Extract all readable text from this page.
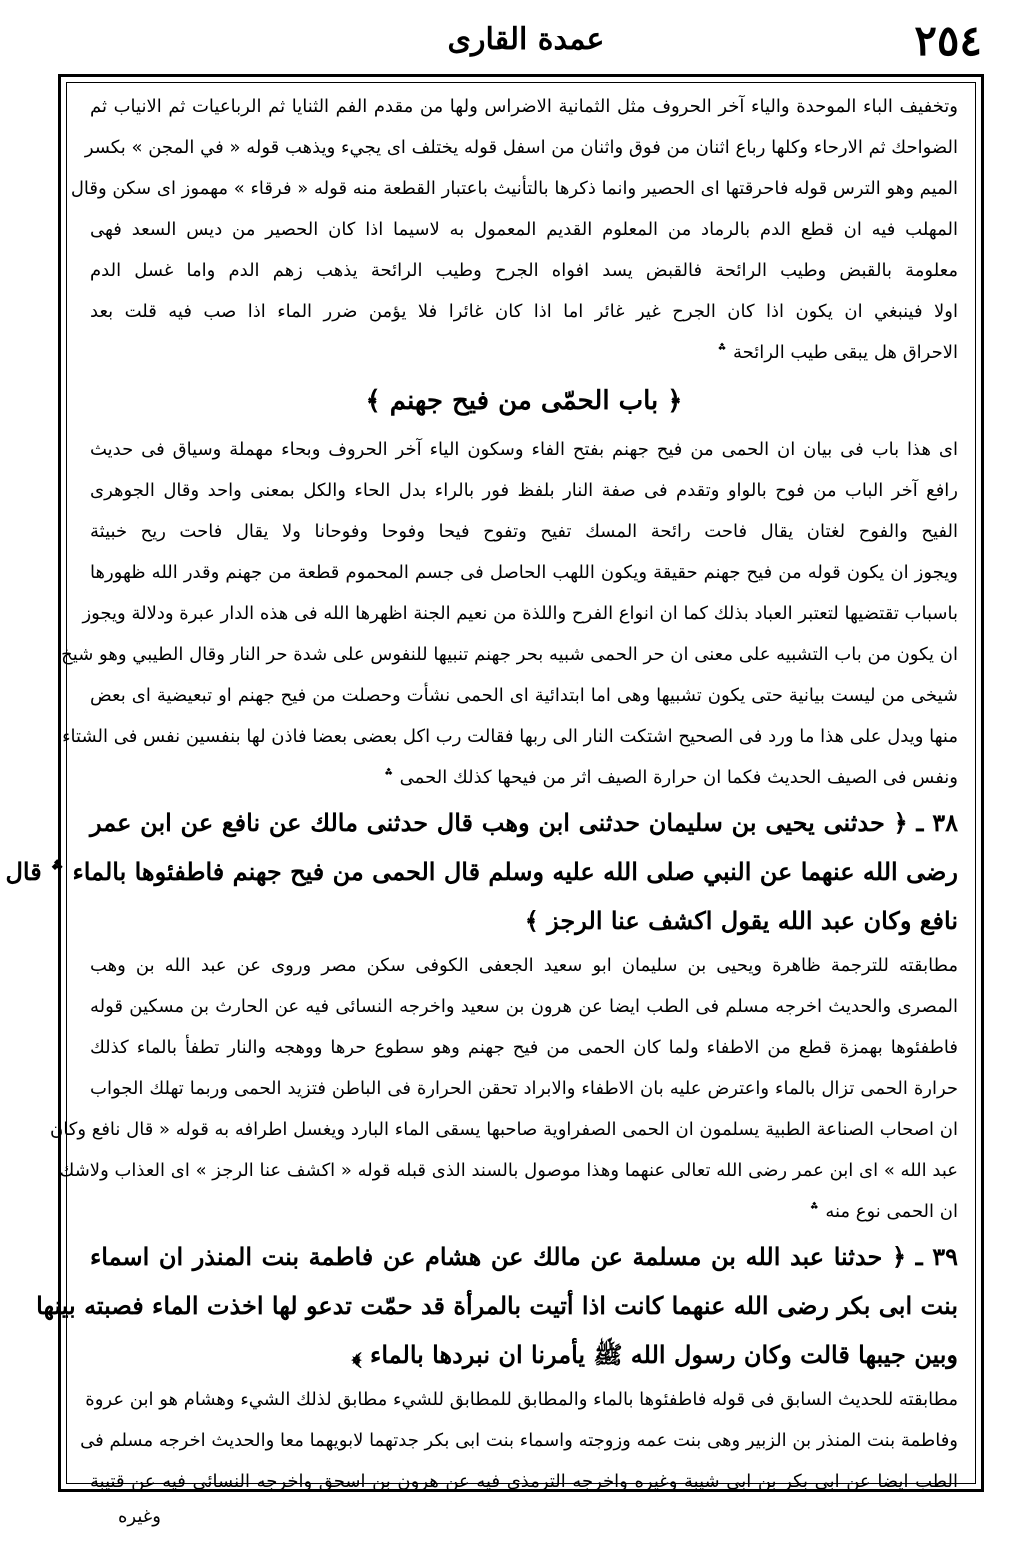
عمدة القارى	٢٥٤
وتخفيف الباء الموحدة والياء آخر الحروف مثل الثمانية الاضراس ولها من مقدم الفم الثنايا ثم الرباعيات ثم الانياب ثم
الضواحك ثم الارحاء وكلها رباع اثنان من فوق واثنان من اسفل قوله يختلف اى يجيء ويذهب قوله « في المجن » بكسر
الميم وهو الترس قوله فاحرقتها اى الحصير وانما ذكرها بالتأنيث باعتبار القطعة منه قوله « فرقاء » مهموز اى سكن وقال
المهلب فيه ان قطع الدم بالرماد من المعلوم القديم المعمول به لاسيما اذا كان الحصير من ديس السعد فهى
معلومة بالقبض وطيب الرائحة فالقبض يسد افواه الجرح وطيب الرائحة يذهب زهم الدم واما غسل الدم
اولا فينبغي ان يكون اذا كان الجرح غير غائر اما اذا كان غائرا فلا يؤمن ضرر الماء اذا صب فيه قلت بعد
الاحراق هل يبقى طيب الرائحة ؞
﴿ باب الحمّى من فيح جهنم ﴾
اى هذا باب فى بيان ان الحمى من فيح جهنم بفتح الفاء وسكون الياء آخر الحروف وبحاء مهملة وسياق فى حديث
رافع آخر الباب من فوح بالواو وتقدم فى صفة النار بلفظ فور بالراء بدل الحاء والكل بمعنى واحد وقال الجوهرى
الفيح والفوح لغتان يقال فاحت رائحة المسك تفيح وتفوح فيحا وفوحا وفوحانا ولا يقال فاحت ريح خبيثة
ويجوز ان يكون قوله من فيح جهنم حقيقة ويكون اللهب الحاصل فى جسم المحموم قطعة من جهنم وقدر الله ظهورها
باسباب تقتضيها لتعتبر العباد بذلك كما ان انواع الفرح واللذة من نعيم الجنة اظهرها الله فى هذه الدار عبرة ودلالة ويجوز
ان يكون من باب التشبيه على معنى ان حر الحمى شبيه بحر جهنم تنبيها للنفوس على شدة حر النار وقال الطيبي وهو شيخ
شيخى من ليست بيانية حتى يكون تشبيها وهى اما ابتدائية اى الحمى نشأت وحصلت من فيح جهنم او تبعيضية اى بعض
منها ويدل على هذا ما ورد فى الصحيح اشتكت النار الى ربها فقالت رب اكل بعضى بعضا فاذن لها بنفسين نفس فى الشتاء
ونفس فى الصيف الحديث فكما ان حرارة الصيف اثر من فيحها كذلك الحمى ؞
٣٨ ـ ﴿ حدثنى يحيى بن سليمان حدثنى ابن وهب قال حدثنى مالك عن نافع عن ابن عمر
رضى الله عنهما عن النبي صلى الله عليه وسلم قال الحمى من فيح جهنم فاطفئوها بالماء ؞ قال
نافع وكان عبد الله يقول اكشف عنا الرجز ﴾
مطابقته للترجمة ظاهرة ويحيى بن سليمان ابو سعيد الجعفى الكوفى سكن مصر وروى عن عبد الله بن وهب
المصرى والحديث اخرجه مسلم فى الطب ايضا عن هرون بن سعيد واخرجه النسائى فيه عن الحارث بن مسكين قوله
فاطفئوها بهمزة قطع من الاطفاء ولما كان الحمى من فيح جهنم وهو سطوع حرها ووهجه والنار تطفأ بالماء كذلك
حرارة الحمى تزال بالماء واعترض عليه بان الاطفاء والابراد تحقن الحرارة فى الباطن فتزيد الحمى وربما تهلك الجواب
ان اصحاب الصناعة الطبية يسلمون ان الحمى الصفراوية صاحبها يسقى الماء البارد ويغسل اطرافه به قوله « قال نافع وكان
عبد الله » اى ابن عمر رضى الله تعالى عنهما وهذا موصول بالسند الذى قبله قوله « اكشف عنا الرجز » اى العذاب ولاشك
ان الحمى نوع منه ؞
٣٩ ـ ﴿ حدثنا عبد الله بن مسلمة عن مالك عن هشام عن فاطمة بنت المنذر ان اسماء
بنت ابى بكر رضى الله عنهما كانت اذا أتيت بالمرأة قد حمّت تدعو لها اخذت الماء فصبته بينها
وبين جيبها قالت وكان رسول الله ﷺ يأمرنا ان نبردها بالماء ﴾
مطابقته للحديث السابق فى قوله فاطفئوها بالماء والمطابق للمطابق للشيء مطابق لذلك الشيء وهشام هو ابن عروة
وفاطمة بنت المنذر بن الزبير وهى بنت عمه وزوجته واسماء بنت ابى بكر جدتهما لابويهما معا والحديث اخرجه مسلم فى
الطب ايضا عن ابى بكر بن ابى شيبة وغيره واخرجه الترمذى فيه عن هرون بن اسحق واخرجه النسائى فيه عن قتيبة
وغيره
